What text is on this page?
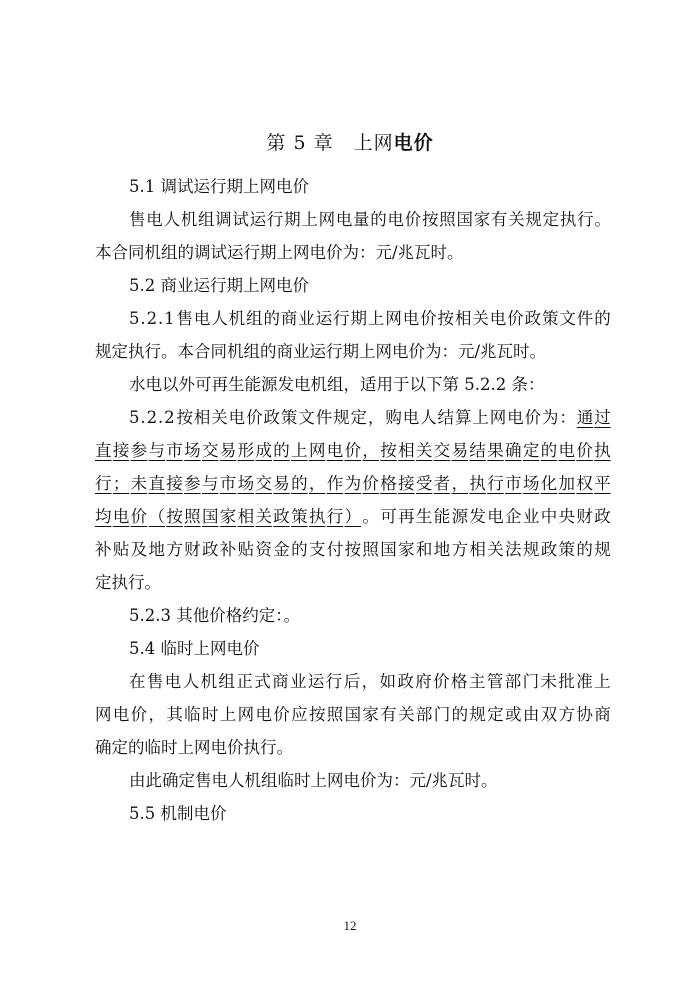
第 5 章　上网电价
5.1 调试运行期上网电价
售 电 人 机 组 调 试 运 行 期 上 网 电 量 的 电 价 按 照 国 家 有 关 规 定 执 行 。
本合同机组的调试运行期上网电价为：元/兆瓦时。
5.2 商业运行期上网电价
5 . 2 . 1 售 电 人 机 组 的 商 业 运 行 期 上 网 电 价 按 相 关 电 价 政 策 文 件 的
规定执行。本合同机组的商业运行期上网电价为：元/兆瓦时。
水电以外可再生能源发电机组，适用于以下第 5.2.2 条：
5 . 2 . 2 按 相 关 电 价 政 策 文 件 规 定 ， 购 电 人 结 算 上 网 电 价 为 ： 通 过
直 接 参 与 市 场 交 易 形 成 的 上 网 电 价 ， 按 相 关 交 易 结 果 确 定 的 电 价 执
行 ； 未 直 接 参 与 市 场 交 易 的 ， 作 为 价 格 接 受 者 ， 执 行 市 场 化 加 权 平
均 电 价 （ 按 照 国 家 相 关 政 策 执 行 ） 。 可 再 生 能 源 发 电 企 业 中 央 财 政
补 贴 及 地 方 财 政 补 贴 资 金 的 支 付 按 照 国 家 和 地 方 相 关 法 规 政 策 的 规
定执行。
5.2.3 其他价格约定：。
5.4 临时上网电价
在 售 电 人 机 组 正 式 商 业 运 行 后 ， 如 政 府 价 格 主 管 部 门 未 批 准 上
网 电 价 ， 其 临 时 上 网 电 价 应 按 照 国 家 有 关 部 门 的 规 定 或 由 双 方 协 商
确定的临时上网电价执行。
由此确定售电人机组临时上网电价为：元/兆瓦时。
5.5 机制电价
12
